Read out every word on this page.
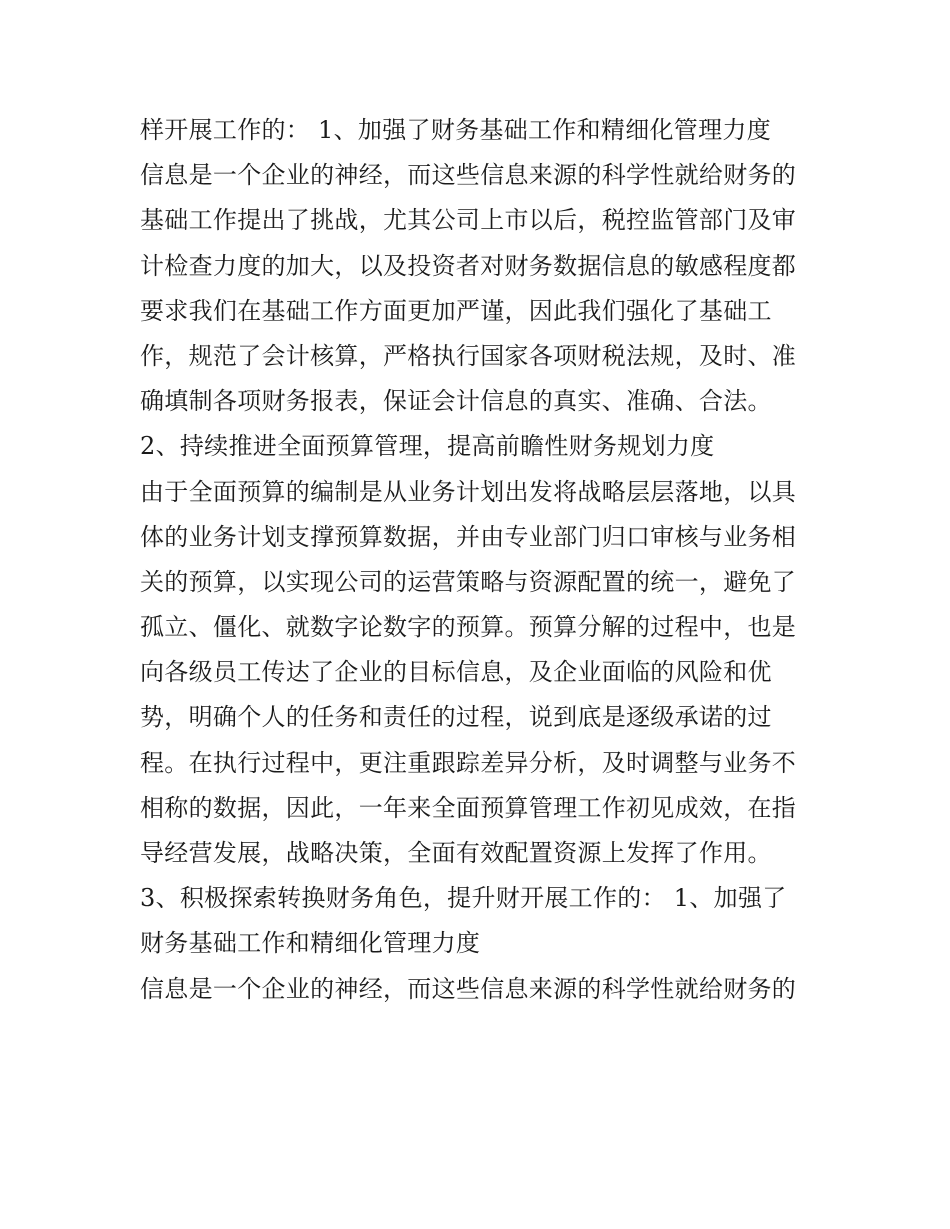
样开展工作的： 1、加强了财务基础工作和精细化管理力度
信息是一个企业的神经，而这些信息来源的科学性就给财务的
基础工作提出了挑战，尤其公司上市以后，税控监管部门及审
计检查力度的加大，以及投资者对财务数据信息的敏感程度都
要求我们在基础工作方面更加严谨，因此我们强化了基础工
作，规范了会计核算，严格执行国家各项财税法规，及时、准
确填制各项财务报表，保证会计信息的真实、准确、合法。
2、持续推进全面预算管理，提高前瞻性财务规划力度
由于全面预算的编制是从业务计划出发将战略层层落地，以具
体的业务计划支撑预算数据，并由专业部门归口审核与业务相
关的预算，以实现公司的运营策略与资源配置的统一，避免了
孤立、僵化、就数字论数字的预算。预算分解的过程中，也是
向各级员工传达了企业的目标信息，及企业面临的风险和优
势，明确个人的任务和责任的过程，说到底是逐级承诺的过
程。在执行过程中，更注重跟踪差异分析，及时调整与业务不
相称的数据，因此，一年来全面预算管理工作初见成效，在指
导经营发展，战略决策，全面有效配置资源上发挥了作用。
3、积极探索转换财务角色，提升财开展工作的： 1、加强了
财务基础工作和精细化管理力度
信息是一个企业的神经，而这些信息来源的科学性就给财务的
